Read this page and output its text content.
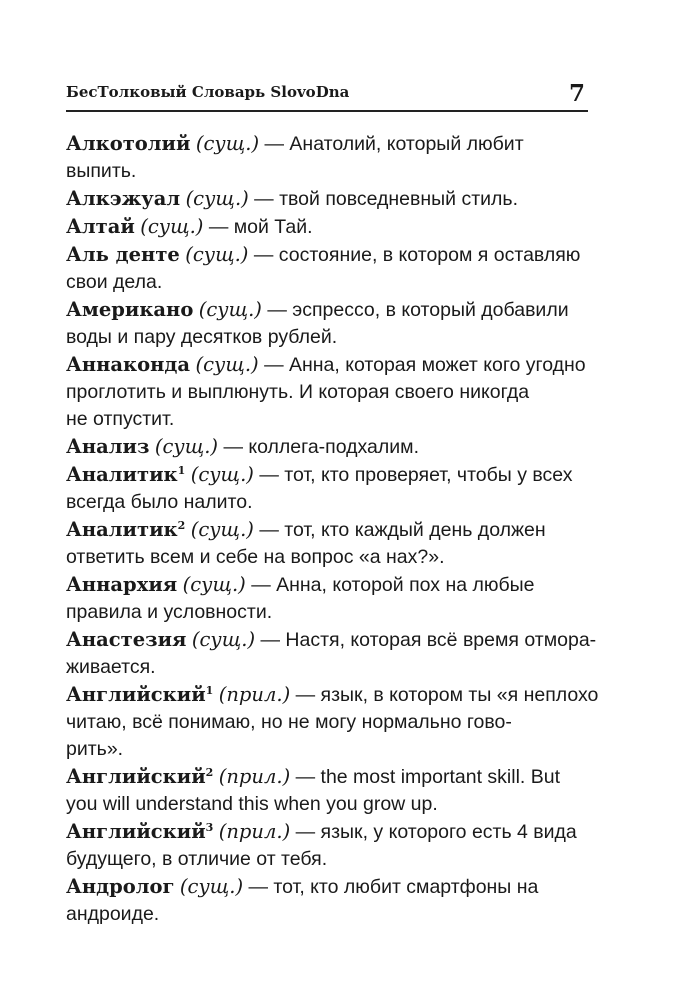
БесТолковый Словарь SlovoDna	7
Алкотолий (сущ.) — Анатолий, который любит
выпить.
Алкэжуал (сущ.) — твой повседневный стиль.
Алтай (сущ.) — мой Тай.
Аль денте (сущ.) — состояние, в котором я оставляю
свои дела.
Американо (сущ.) — эспрессо, в который добавили
воды и пару десятков рублей.
Аннаконда (сущ.) — Анна, которая может кого угодно
проглотить и выплюнуть. И которая своего никогда
не отпустит.
Анализ (сущ.) — коллега-подхалим.
Аналитик$^1$ (сущ.) — тот, кто проверяет, чтобы у всех
всегда было налито.
Аналитик$^2$ (сущ.) — тот, кто каждый день должен
ответить всем и себе на вопрос «а нах?».
Аннархия (сущ.) — Анна, которой пох на любые
правила и условности.
Анастезия (сущ.) — Настя, которая всё время отмора-
живается.
Английский$^1$ (прил.) — язык, в котором ты «я неплохо
читаю, всё понимаю, но не могу нормально гово-
рить».
Английский$^2$ (прил.) — the most important skill. But
you will understand this when you grow up.
Английский$^3$ (прил.) — язык, у которого есть 4 вида
будущего, в отличие от тебя.
Андролог (сущ.) — тот, кто любит смартфоны на
андроиде.
